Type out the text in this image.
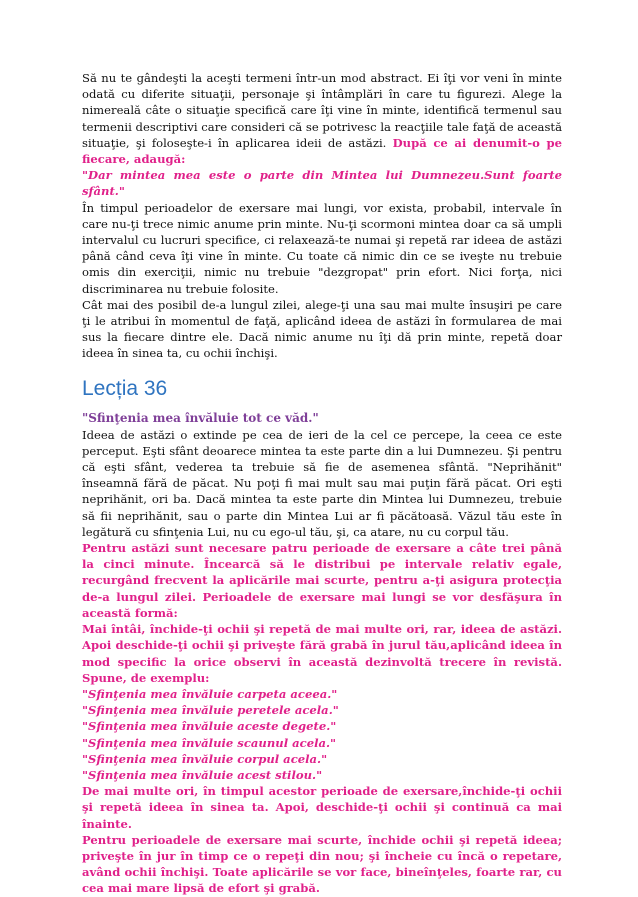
Să nu te gândeşti la aceşti termeni într-un mod abstract. Ei îţi vor veni în minte odată cu diferite situaţii, personaje şi întâmplări în care tu figurezi. Alege la nimereală câte o situaţie specifică care îţi vine în minte, identifică termenul sau termenii descriptivi care consideri că se potrivesc la reacţiile tale faţă de această situaţie, şi foloseşte-i în aplicarea ideii de astăzi. După ce ai denumit-o pe fiecare, adaugă:

"Dar mintea mea este o parte din Mintea lui Dumnezeu.Sunt foarte sfânt."

În timpul perioadelor de exersare mai lungi, vor exista, probabil, intervale în care nu-ţi trece nimic anume prin minte. Nu-ţi scormoni mintea doar ca să umpli intervalul cu lucruri specifice, ci relaxează-te numai şi repetă rar ideea de astăzi până când ceva îţi vine în minte. Cu toate că nimic din ce se iveşte nu trebuie omis din exerciţii, nimic nu trebuie "dezgropat" prin efort. Nici forţa, nici discriminarea nu trebuie folosite.

Cât mai des posibil de-a lungul zilei, alege-ţi una sau mai multe însuşiri pe care ţi le atribui în momentul de faţă, aplicând ideea de astăzi în formularea de mai sus la fiecare dintre ele. Dacă nimic anume nu îţi dă prin minte, repetă doar ideea în sinea ta, cu ochii închişi.

Lecția 36
"Sfinţenia mea învăluie tot ce văd."

Ideea de astăzi o extinde pe cea de ieri de la cel ce percepe, la ceea ce este perceput. Eşti sfânt deoarece mintea ta este parte din a lui Dumnezeu. Şi pentru că eşti sfânt, vederea ta trebuie să fie de asemenea sfântă. "Neprihănit" înseamnă fără de păcat. Nu poţi fi mai mult sau mai puţin fără păcat. Ori eşti neprihănit, ori ba. Dacă mintea ta este parte din Mintea lui Dumnezeu, trebuie să fii neprihănit, sau o parte din Mintea Lui ar fi păcătoasă. Văzul tău este în legătură cu sfinţenia Lui, nu cu ego-ul tău, şi, ca atare, nu cu corpul tău.

Pentru astăzi sunt necesare patru perioade de exersare a câte trei până la cinci minute. Încearcă să le distribui pe intervale relativ egale, recurgând frecvent la aplicările mai scurte, pentru a-ţi asigura protecţia de-a lungul zilei. Perioadele de exersare mai lungi se vor desfăşura în această formă:

Mai întâi, închide-ţi ochii şi repetă de mai multe ori, rar, ideea de astăzi. Apoi deschide-ţi ochii şi priveşte fără grabă în jurul tău,aplicând ideea în mod specific la orice observi în această dezinvoltă trecere în revistă. Spune, de exemplu:

"Sfinţenia mea învăluie carpeta aceea."

"Sfinţenia mea învăluie peretele acela."

"Sfinţenia mea învăluie aceste degete."

"Sfinţenia mea învăluie scaunul acela."

"Sfinţenia mea învăluie corpul acela."

"Sfinţenia mea învăluie acest stilou."

De mai multe ori, în timpul acestor perioade de exersare,închide-ţi ochii şi repetă ideea în sinea ta. Apoi, deschide-ţi ochii şi continuă ca mai înainte.

Pentru perioadele de exersare mai scurte, închide ochii şi repetă ideea; priveşte în jur în timp ce o repeţi din nou; şi încheie cu încă o repetare, având ochii închişi. Toate aplicările se vor face, bineînţeles, foarte rar, cu cea mai mare lipsă de efort şi grabă.
